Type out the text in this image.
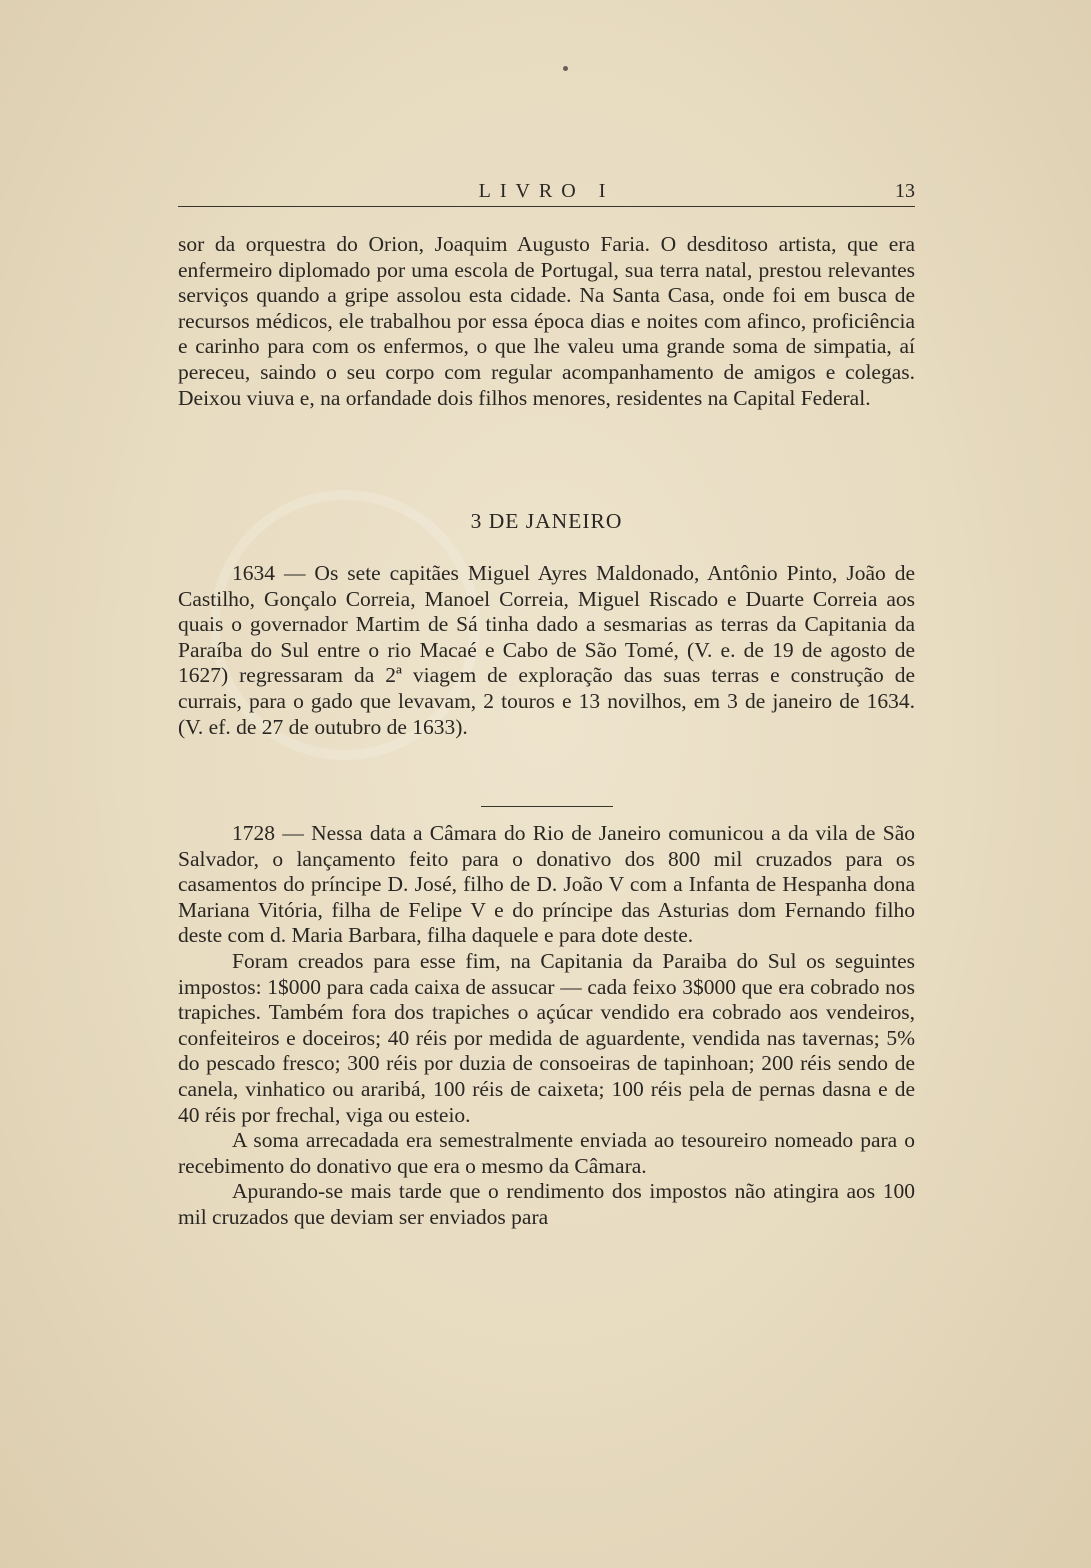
LIVRO I	13

sor da orquestra do Orion, Joaquim Augusto Faria. O desditoso artista, que era enfermeiro diplomado por uma escola de Portugal, sua terra natal, prestou relevantes serviços quando a gripe assolou esta cidade. Na Santa Casa, onde foi em busca de recursos médicos, ele trabalhou por essa época dias e noites com afinco, proficiência e carinho para com os enfermos, o que lhe valeu uma grande soma de simpatia, aí pereceu, saindo o seu corpo com regular acompanhamento de amigos e colegas. Deixou viuva e, na orfandade dois filhos menores, residentes na Capital Federal.

3 DE JANEIRO

1634 — Os sete capitães Miguel Ayres Maldonado, Antônio Pinto, João de Castilho, Gonçalo Correia, Manoel Correia, Miguel Riscado e Duarte Correia aos quais o governador Martim de Sá tinha dado a sesmarias as terras da Capitania da Paraíba do Sul entre o rio Macaé e Cabo de São Tomé, (V. e. de 19 de agosto de 1627) regressaram da 2ª viagem de exploração das suas terras e construção de currais, para o gado que levavam, 2 touros e 13 novilhos, em 3 de janeiro de 1634. (V. ef. de 27 de outubro de 1633).

1728 — Nessa data a Câmara do Rio de Janeiro comunicou a da vila de São Salvador, o lançamento feito para o donativo dos 800 mil cruzados para os casamentos do príncipe D. José, filho de D. João V com a Infanta de Hespanha dona Mariana Vitória, filha de Felipe V e do príncipe das Asturias dom Fernando filho deste com d. Maria Barbara, filha daquele e para dote deste.

Foram creados para esse fim, na Capitania da Paraiba do Sul os seguintes impostos: 1$000 para cada caixa de assucar — cada feixo 3$000 que era cobrado nos trapiches. Também fora dos trapiches o açúcar vendido era cobrado aos vendeiros, confeiteiros e doceiros; 40 réis por medida de aguardente, vendida nas tavernas; 5% do pescado fresco; 300 réis por duzia de consoeiras de tapinhoan; 200 réis sendo de canela, vinhatico ou araribá, 100 réis de caixeta; 100 réis pela de pernas dasna e de 40 réis por frechal, viga ou esteio.

A soma arrecadada era semestralmente enviada ao tesoureiro nomeado para o recebimento do donativo que era o mesmo da Câmara.

Apurando-se mais tarde que o rendimento dos impostos não atingira aos 100 mil cruzados que deviam ser enviados para
